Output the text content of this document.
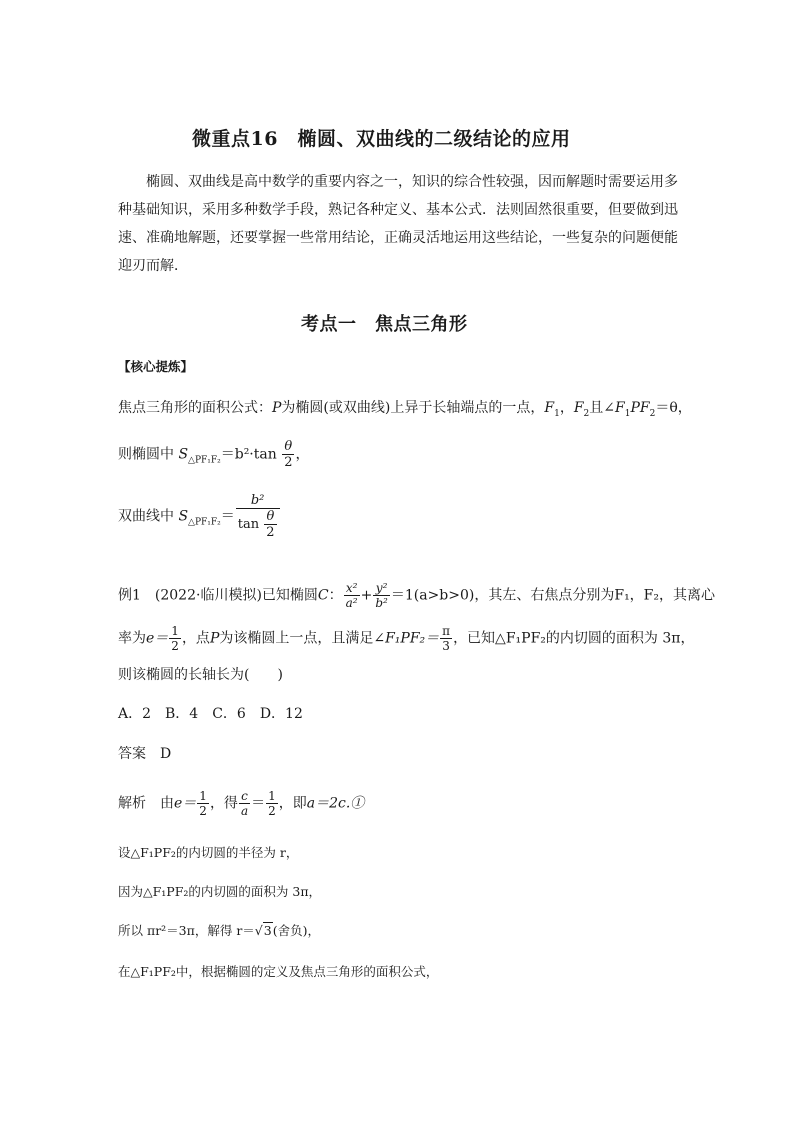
微重点16　椭圆、双曲线的二级结论的应用
椭圆、双曲线是高中数学的重要内容之一，知识的综合性较强，因而解题时需要运用多种基础知识，采用多种数学手段，熟记各种定义、基本公式．法则固然很重要，但要做到迅速、准确地解题，还要掌握一些常用结论，正确灵活地运用这些结论，一些复杂的问题便能迎刃而解．
考点一　焦点三角形
【核心提炼】
焦点三角形的面积公式：P为椭圆(或双曲线)上异于长轴端点的一点，$F_1$，$F_2$且$\angle F_1PF_2=\theta$，
则椭圆中 $S_{\triangle PF_1F_2}=b^2\cdot\tan \frac{\theta}{2}$ ，
双曲线中 $S_{\triangle PF_1F_2}= \frac{\text{b²}}{\tan \frac{\theta}{2}}$
例1　(2022·临川模拟)已知椭圆C： $\frac{\text{x²}}{\text{a²}} + \frac{\text{y²}}{\text{b²}} =1(a>b>0)$，其左、右焦点分别为F₁，F₂，其离心
率为$e= \frac{1}{2}$ ，点P为该椭圆上一点，且满足∠F₁PF₂＝ $\frac{\pi}{3}$ ，已知△F₁PF₂的内切圆的面积为 3π，
则该椭圆的长轴长为(　　)
A．2　B．4　C．6　D．12
答案　D
解析　由$e= \frac{1}{2}$ ，得 $\frac{c}{a} = \frac{1}{2}$ ，即a＝2c.①
设△F₁PF₂的内切圆的半径为 r，
因为△F₁PF₂的内切圆的面积为 3π，
所以 πr²＝3π，解得 r＝√3(舍负)，
在△F₁PF₂中，根据椭圆的定义及焦点三角形的面积公式，
